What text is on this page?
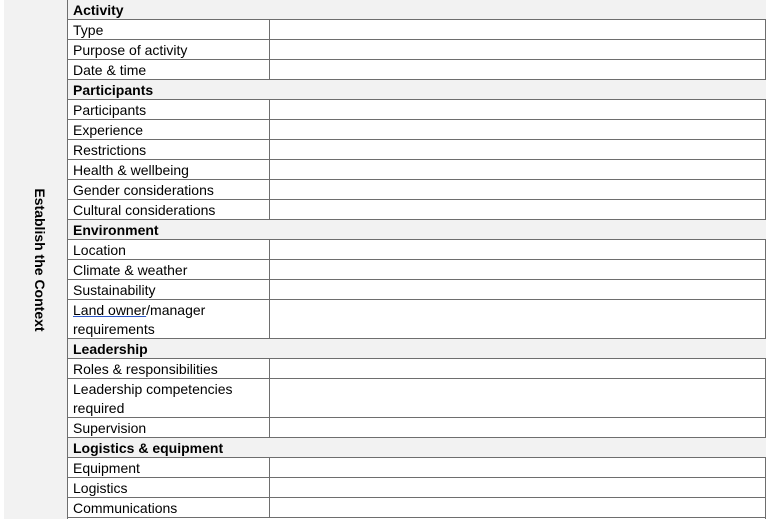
Establish the Context
Activity
Type
Purpose of activity
Date & time
Participants
Participants
Experience
Restrictions
Health & wellbeing
Gender considerations
Cultural considerations
Environment
Location
Climate & weather
Sustainability
Land owner/manager requirements
Leadership
Roles & responsibilities
Leadership competencies required
Supervision
Logistics & equipment
Equipment
Logistics
Communications
